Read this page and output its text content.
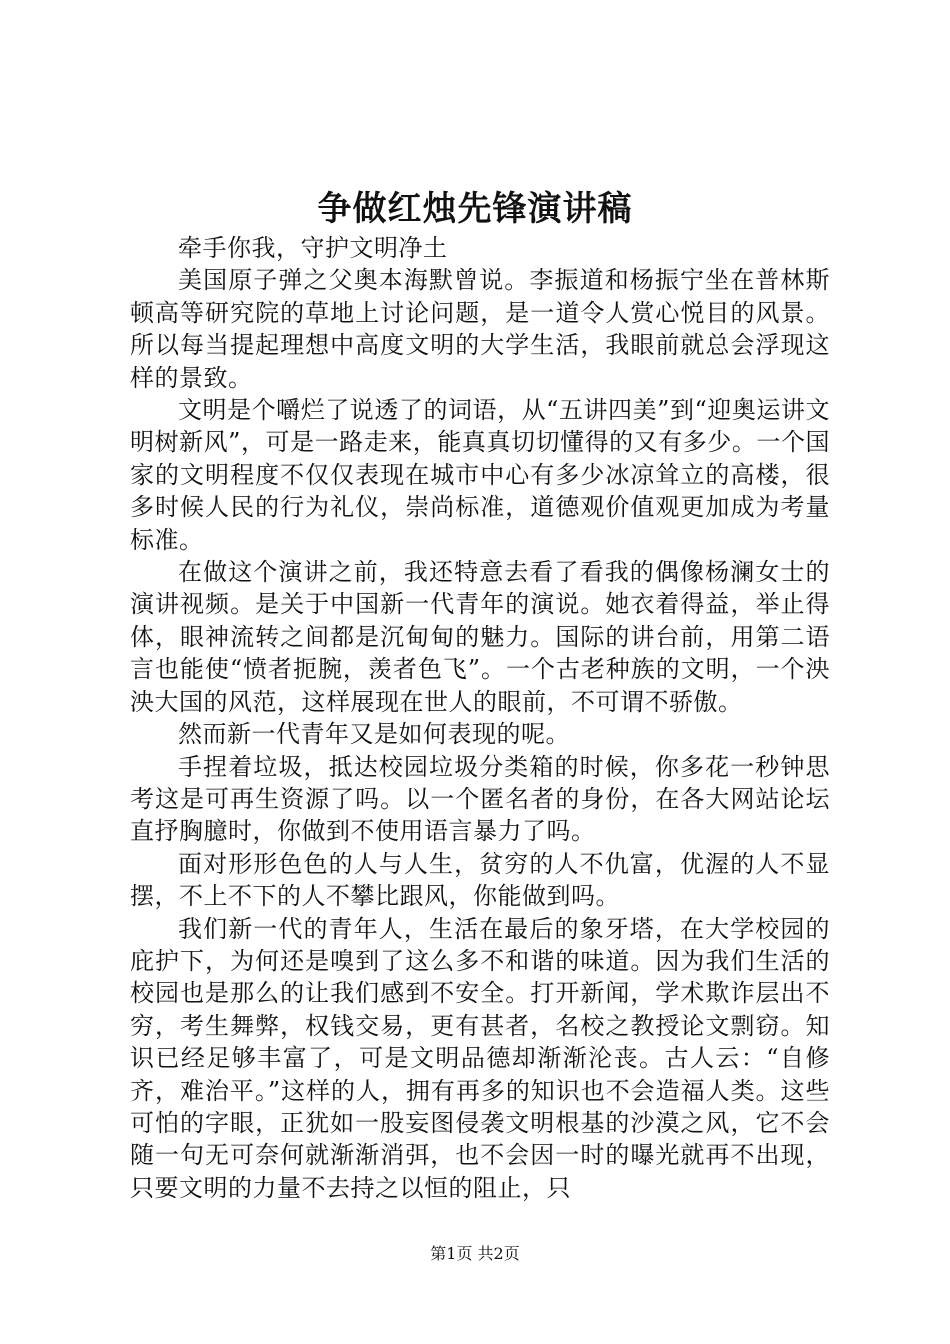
争做红烛先锋演讲稿

牵手你我，守护文明净土

美国原子弹之父奥本海默曾说。李振道和杨振宁坐在普林斯顿高等研究院的草地上讨论问题，是一道令人赏心悦目的风景。所以每当提起理想中高度文明的大学生活，我眼前就总会浮现这样的景致。

文明是个嚼烂了说透了的词语，从“五讲四美”到“迎奥运讲文明树新风”，可是一路走来，能真真切切懂得的又有多少。一个国家的文明程度不仅仅表现在城市中心有多少冰凉耸立的高楼，很多时候人民的行为礼仪，崇尚标准，道德观价值观更加成为考量标准。

在做这个演讲之前，我还特意去看了看我的偶像杨澜女士的演讲视频。是关于中国新一代青年的演说。她衣着得益，举止得体，眼神流转之间都是沉甸甸的魅力。国际的讲台前，用第二语言也能使“愤者扼腕，羡者色飞”。一个古老种族的文明，一个泱泱大国的风范，这样展现在世人的眼前，不可谓不骄傲。

然而新一代青年又是如何表现的呢。

手捏着垃圾，抵达校园垃圾分类箱的时候，你多花一秒钟思考这是可再生资源了吗。以一个匿名者的身份，在各大网站论坛直抒胸臆时，你做到不使用语言暴力了吗。

面对形形色色的人与人生，贫穷的人不仇富，优渥的人不显摆，不上不下的人不攀比跟风，你能做到吗。

我们新一代的青年人，生活在最后的象牙塔，在大学校园的庇护下，为何还是嗅到了这么多不和谐的味道。因为我们生活的校园也是那么的让我们感到不安全。打开新闻，学术欺诈层出不穷，考生舞弊，权钱交易，更有甚者，名校之教授论文剽窃。知识已经足够丰富了，可是文明品德却渐渐沦丧。古人云：“自修齐，难治平。”这样的人，拥有再多的知识也不会造福人类。这些可怕的字眼，正犹如一股妄图侵袭文明根基的沙漠之风，它不会随一句无可奈何就渐渐消弭，也不会因一时的曝光就再不出现，只要文明的力量不去持之以恒的阻止，只

第1页 共2页
